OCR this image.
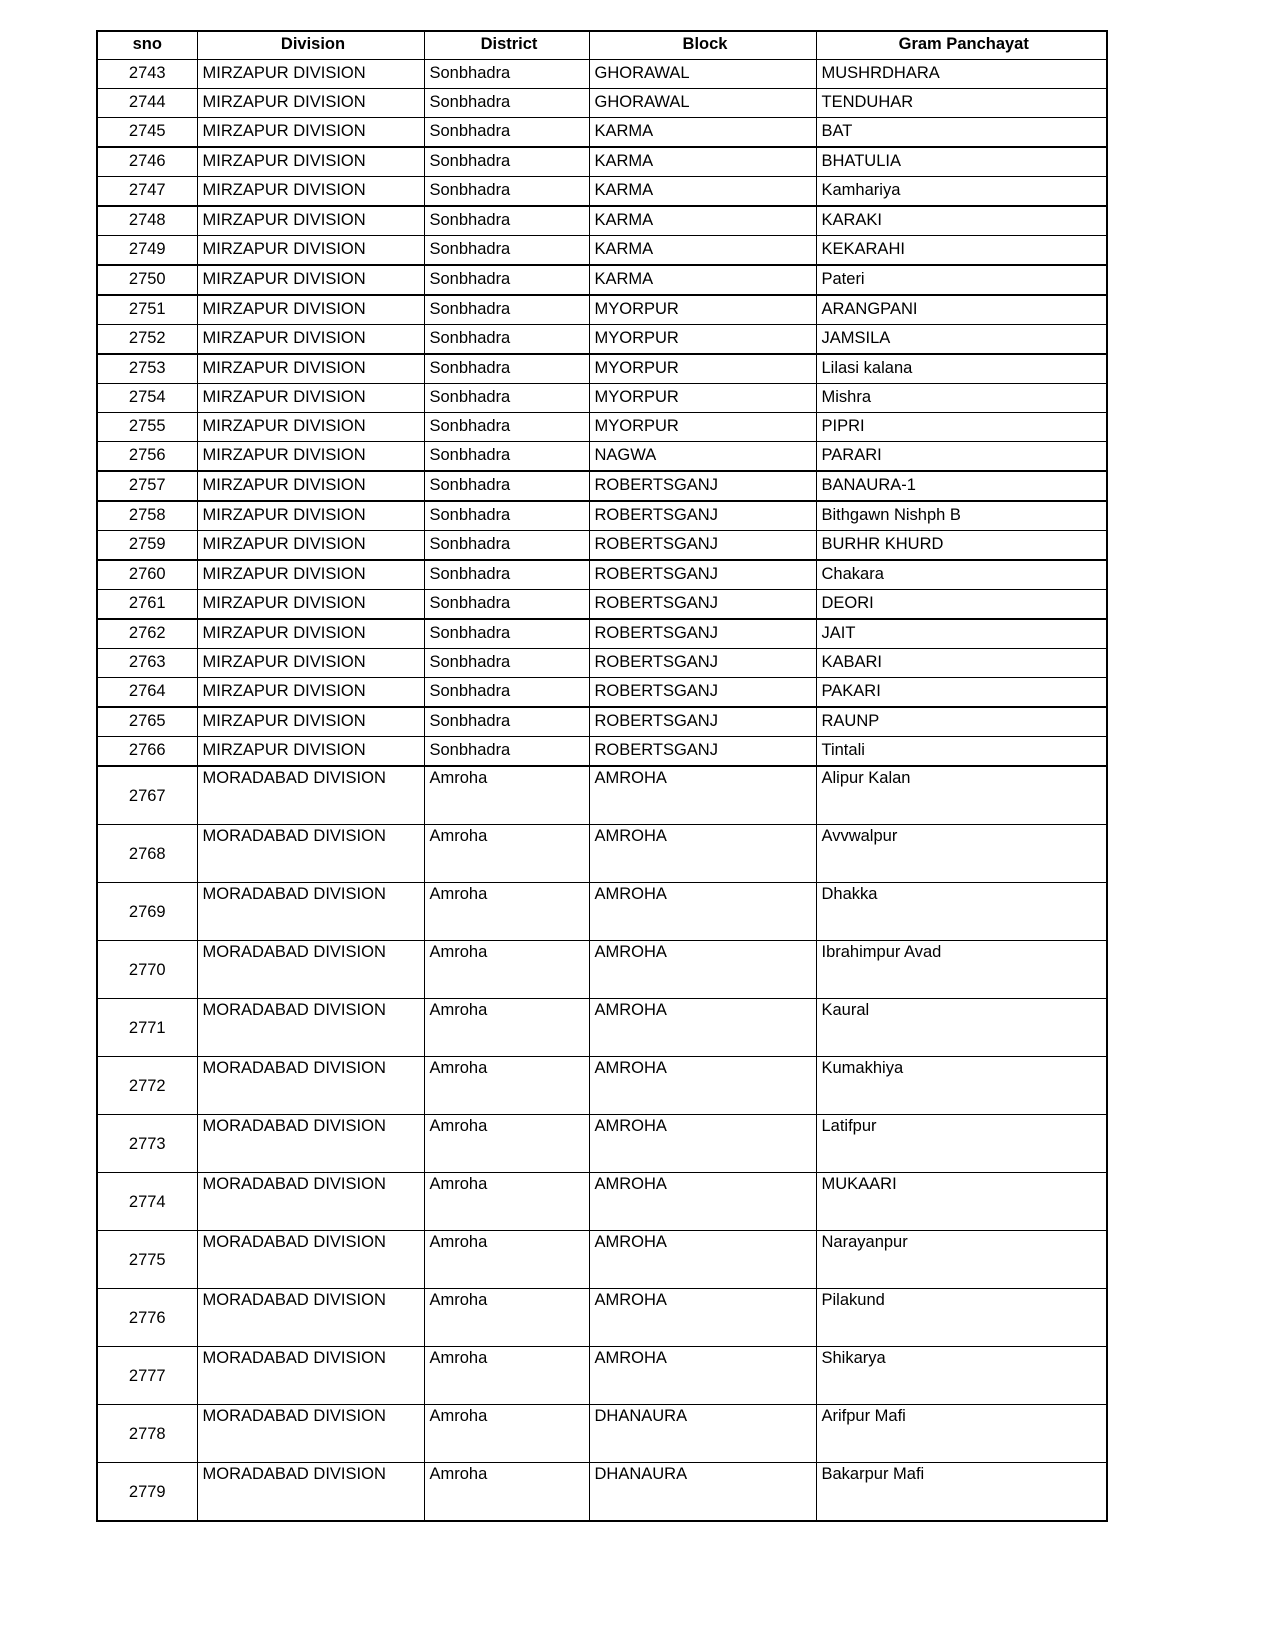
sno	Division	District	Block	Gram Panchayat

2743	MIRZAPUR DIVISION	Sonbhadra	GHORAWAL	MUSHRDHARA

2744	MIRZAPUR DIVISION	Sonbhadra	GHORAWAL	TENDUHAR

2745	MIRZAPUR DIVISION	Sonbhadra	KARMA	BAT

2746	MIRZAPUR DIVISION	Sonbhadra	KARMA	BHATULIA

2747	MIRZAPUR DIVISION	Sonbhadra	KARMA	Kamhariya

2748	MIRZAPUR DIVISION	Sonbhadra	KARMA	KARAKI

2749	MIRZAPUR DIVISION	Sonbhadra	KARMA	KEKARAHI

2750	MIRZAPUR DIVISION	Sonbhadra	KARMA	Pateri

2751	MIRZAPUR DIVISION	Sonbhadra	MYORPUR	ARANGPANI

2752	MIRZAPUR DIVISION	Sonbhadra	MYORPUR	JAMSILA

2753	MIRZAPUR DIVISION	Sonbhadra	MYORPUR	Lilasi kalana

2754	MIRZAPUR DIVISION	Sonbhadra	MYORPUR	Mishra

2755	MIRZAPUR DIVISION	Sonbhadra	MYORPUR	PIPRI

2756	MIRZAPUR DIVISION	Sonbhadra	NAGWA	PARARI

2757	MIRZAPUR DIVISION	Sonbhadra	ROBERTSGANJ	BANAURA-1

2758	MIRZAPUR DIVISION	Sonbhadra	ROBERTSGANJ	Bithgawn Nishph B

2759	MIRZAPUR DIVISION	Sonbhadra	ROBERTSGANJ	BURHR KHURD

2760	MIRZAPUR DIVISION	Sonbhadra	ROBERTSGANJ	Chakara

2761	MIRZAPUR DIVISION	Sonbhadra	ROBERTSGANJ	DEORI

2762	MIRZAPUR DIVISION	Sonbhadra	ROBERTSGANJ	JAIT

2763	MIRZAPUR DIVISION	Sonbhadra	ROBERTSGANJ	KABARI

2764	MIRZAPUR DIVISION	Sonbhadra	ROBERTSGANJ	PAKARI

2765	MIRZAPUR DIVISION	Sonbhadra	ROBERTSGANJ	RAUNP

2766	MIRZAPUR DIVISION	Sonbhadra	ROBERTSGANJ	Tintali

2767	MORADABAD DIVISION	Amroha	AMROHA	Alipur Kalan

2768	MORADABAD DIVISION	Amroha	AMROHA	Avvwalpur

2769	MORADABAD DIVISION	Amroha	AMROHA	Dhakka

2770	MORADABAD DIVISION	Amroha	AMROHA	Ibrahimpur Avad

2771	MORADABAD DIVISION	Amroha	AMROHA	Kaural

2772	MORADABAD DIVISION	Amroha	AMROHA	Kumakhiya

2773	MORADABAD DIVISION	Amroha	AMROHA	Latifpur

2774	MORADABAD DIVISION	Amroha	AMROHA	MUKAARI

2775	MORADABAD DIVISION	Amroha	AMROHA	Narayanpur

2776	MORADABAD DIVISION	Amroha	AMROHA	Pilakund

2777	MORADABAD DIVISION	Amroha	AMROHA	Shikarya

2778	MORADABAD DIVISION	Amroha	DHANAURA	Arifpur Mafi

2779	MORADABAD DIVISION	Amroha	DHANAURA	Bakarpur Mafi
